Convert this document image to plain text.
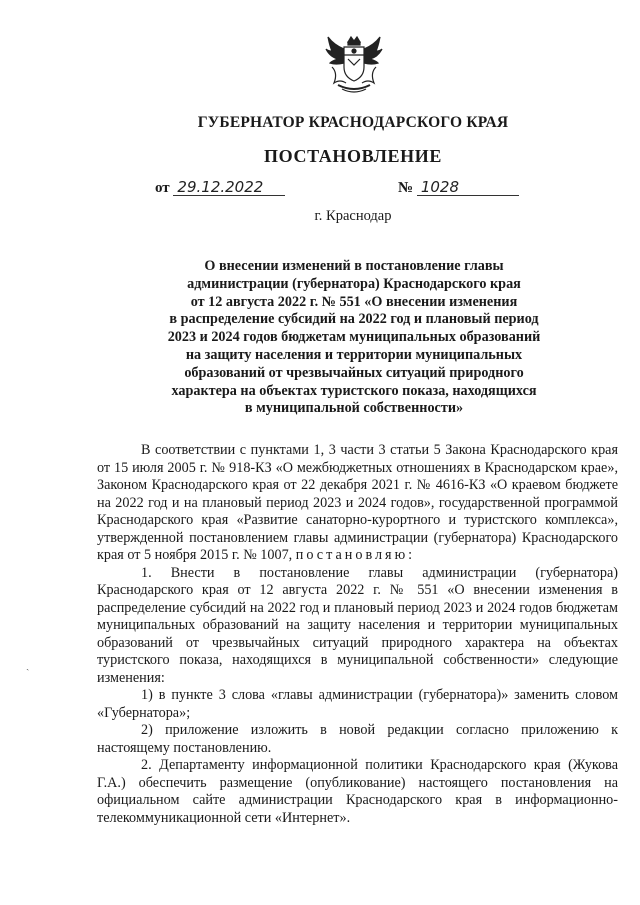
ГУБЕРНАТОР КРАСНОДАРСКОГО КРАЯ
ПОСТАНОВЛЕНИЕ
от 29.12.2022	№ 1028
г. Краснодар
О внесении изменений в постановление главы
администрации (губернатора) Краснодарского края
от 12 августа 2022 г. № 551 «О внесении изменения
в распределение субсидий на 2022 год и плановый период
2023 и 2024 годов бюджетам муниципальных образований
на защиту населения и территории муниципальных
образований от чрезвычайных ситуаций природного
характера на объектах туристского показа, находящихся
в муниципальной собственности»

В соответствии с пунктами 1, 3 части 3 статьи 5 Закона Краснодарского края от 15 июля 2005 г. № 918-КЗ «О межбюджетных отношениях в Краснодарском крае», Законом Краснодарского края от 22 декабря 2021 г. № 4616-КЗ «О краевом бюджете на 2022 год и на плановый период 2023 и 2024 годов», государственной программой Краснодарского края «Развитие санаторно-курортного и туристского комплекса», утвержденной постановлением главы администрации (губернатора) Краснодарского края от 5 ноября 2015 г. № 1007, постановляю:

1. Внести в постановление главы администрации (губернатора) Краснодарского края от 12 августа 2022 г. № 551 «О внесении изменения в распределение субсидий на 2022 год и плановый период 2023 и 2024 годов бюджетам муниципальных образований на защиту населения и территории муниципальных образований от чрезвычайных ситуаций природного характера на объектах туристского показа, находящихся в муниципальной собственности» следующие изменения:

1) в пункте 3 слова «главы администрации (губернатора)» заменить словом «Губернатора»;

2) приложение изложить в новой редакции согласно приложению к настоящему постановлению.

2. Департаменту информационной политики Краснодарского края (Жукова Г.А.) обеспечить размещение (опубликование) настоящего постановления на официальном сайте администрации Краснодарского края в информационно-телекоммуникационной сети «Интернет».

ˎ
